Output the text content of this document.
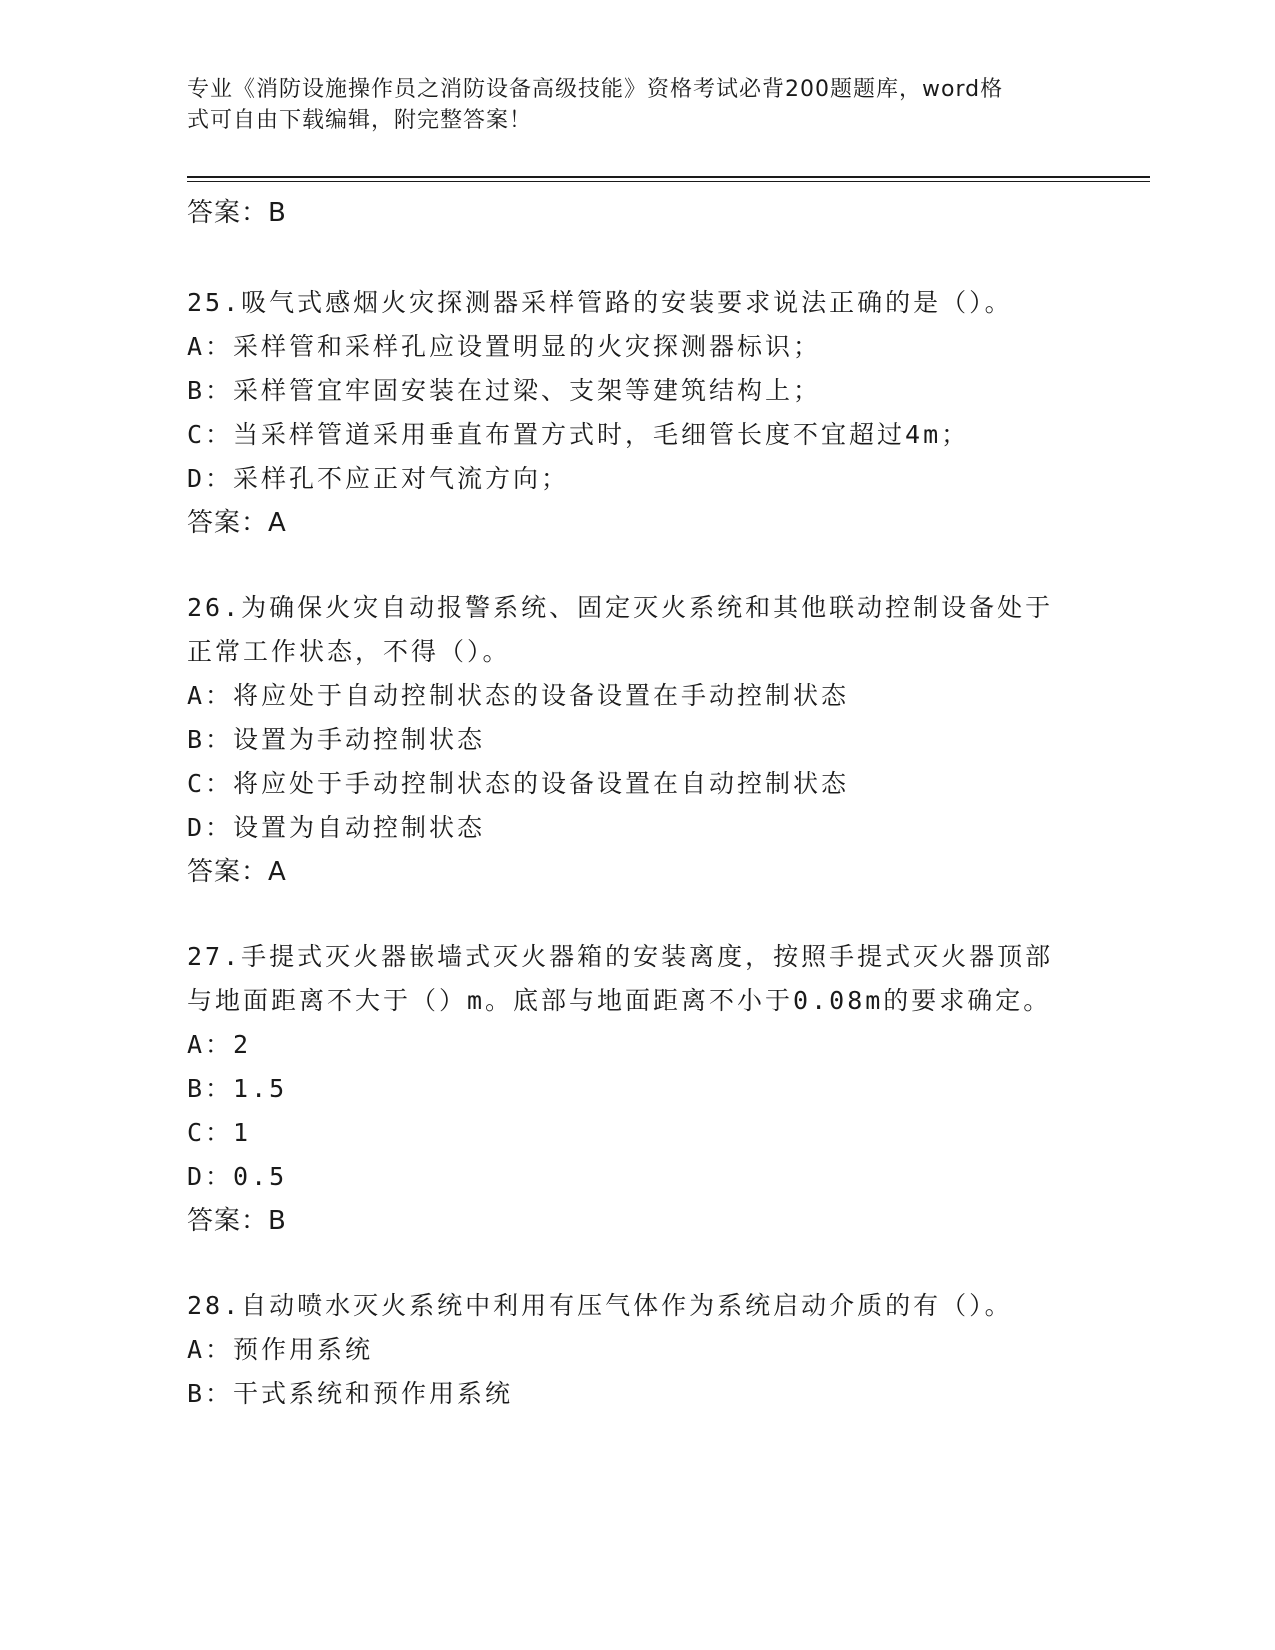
专业《消防设施操作员之消防设备高级技能》资格考试必背200题题库，word格
式可自由下载编辑，附完整答案！
答案：B
25.吸气式感烟火灾探测器采样管路的安装要求说法正确的是（）。
A：采样管和采样孔应设置明显的火灾探测器标识；
B：采样管宜牢固安装在过梁、支架等建筑结构上；
C：当采样管道采用垂直布置方式时，毛细管长度不宜超过4m；
D：采样孔不应正对气流方向；
答案：A
26.为确保火灾自动报警系统、固定灭火系统和其他联动控制设备处于
正常工作状态，不得（）。
A：将应处于自动控制状态的设备设置在手动控制状态
B：设置为手动控制状态
C：将应处于手动控制状态的设备设置在自动控制状态
D：设置为自动控制状态
答案：A
27.手提式灭火器嵌墙式灭火器箱的安装离度，按照手提式灭火器顶部
与地面距离不大于（）m。底部与地面距离不小于0.08m的要求确定。
A：2
B：1.5
C：1
D：0.5
答案：B
28.自动喷水灭火系统中利用有压气体作为系统启动介质的有（）。
A：预作用系统
B：干式系统和预作用系统
